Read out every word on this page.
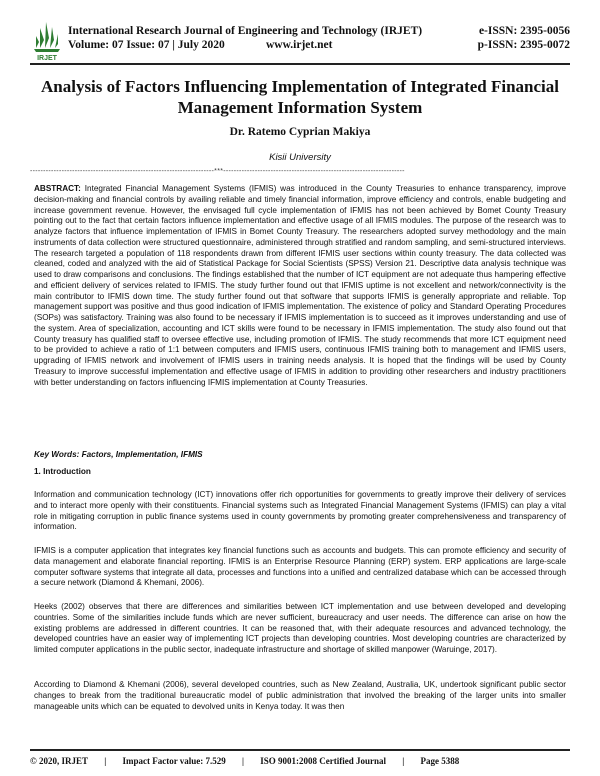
IRJET
International Research Journal of Engineering and Technology (IRJET)
Volume: 07 Issue: 07 | July 2020	www.irjet.net
e-ISSN: 2395-0056
p-ISSN: 2395-0072
Analysis of Factors Influencing Implementation of Integrated Financial
Management Information System
Dr. Ratemo Cyprian Makiya
Kisii University
----------------------------------------------------------------------***---------------------------------------------------------------------

ABSTRACT: Integrated Financial Management Systems (IFMIS) was introduced in the County Treasuries to enhance transparency, improve decision-making and financial controls by availing reliable and timely financial information, improve efficiency and controls, enable budgeting and increase government revenue. However, the envisaged full cycle implementation of IFMIS has not been achieved by Bomet County Treasury pointing out to the fact that certain factors influence implementation and effective usage of all IFMIS modules. The purpose of the research was to analyze factors that influence implementation of IFMIS in Bomet County Treasury. The researchers adopted survey methodology and the main instruments of data collection were structured questionnaire, administered through stratified and random sampling, and semi-structured interviews. The research targeted a population of 118 respondents drawn from different IFMIS user sections within county treasury. The data collected was cleaned, coded and analyzed with the aid of Statistical Package for Social Scientists (SPSS) Version 21. Descriptive data analysis technique was used to draw comparisons and conclusions. The findings established that the number of ICT equipment are not adequate thus hampering effective and efficient delivery of services related to IFMIS. The study further found out that IFMIS uptime is not excellent and network/connectivity is the main contributor to IFMIS down time. The study further found out that software that supports IFMIS is generally appropriate and reliable. Top management support was positive and thus good indication of IFMIS implementation. The existence of policy and Standard Operating Procedures (SOPs) was satisfactory. Training was also found to be necessary if IFMIS implementation is to succeed as it improves understanding and use of the system. Area of specialization, accounting and ICT skills were found to be necessary in IFMIS implementation. The study also found out that County treasury has qualified staff to oversee effective use, including promotion of IFMIS. The study recommends that more ICT equipment need to be provided to achieve a ratio of 1:1 between computers and IFMIS users, continuous IFMIS training both to management and IFMIS users, upgrading of IFMIS network and involvement of IFMIS users in training needs analysis. It is hoped that the findings will be used by County Treasury to improve successful implementation and effective usage of IFMIS in addition to providing other researchers and industry practitioners with better understanding on factors influencing IFMIS implementation at County Treasuries.

Key Words: Factors, Implementation, IFMIS
1. Introduction

Information and communication technology (ICT) innovations offer rich opportunities for governments to greatly improve their delivery of services and to interact more openly with their constituents. Financial systems such as Integrated Financial Management Systems (IFMIS) can play a vital role in mitigating corruption in public finance systems used in county governments by promoting greater comprehensiveness and transparency of information.

IFMIS is a computer application that integrates key financial functions such as accounts and budgets. This can promote efficiency and security of data management and elaborate financial reporting. IFMIS is an Enterprise Resource Planning (ERP) system. ERP applications are large-scale computer software systems that integrate all data, processes and functions into a unified and centralized database which can be accessed through a secure network (Diamond & Khemani, 2006).

Heeks (2002) observes that there are differences and similarities between ICT implementation and use between developed and developing countries. Some of the similarities include funds which are never sufficient, bureaucracy and user needs. The difference can arise on how the existing problems are addressed in different countries. It can be reasoned that, with their adequate resources and advanced technology, the developed countries have an easier way of implementing ICT projects than developing countries. Most developing countries are characterized by limited computer applications in the public sector, inadequate infrastructure and shortage of skilled manpower (Waruinge, 2017).

According to Diamond & Khemani (2006), several developed countries, such as New Zealand, Australia, UK, undertook significant public sector changes to break from the traditional bureaucratic model of public administration that involved the breaking of the larger units into smaller manageable units which can be equated to devolved units in Kenya today. It was then

© 2020, IRJET | Impact Factor value: 7.529 | ISO 9001:2008 Certified Journal | Page 5388
